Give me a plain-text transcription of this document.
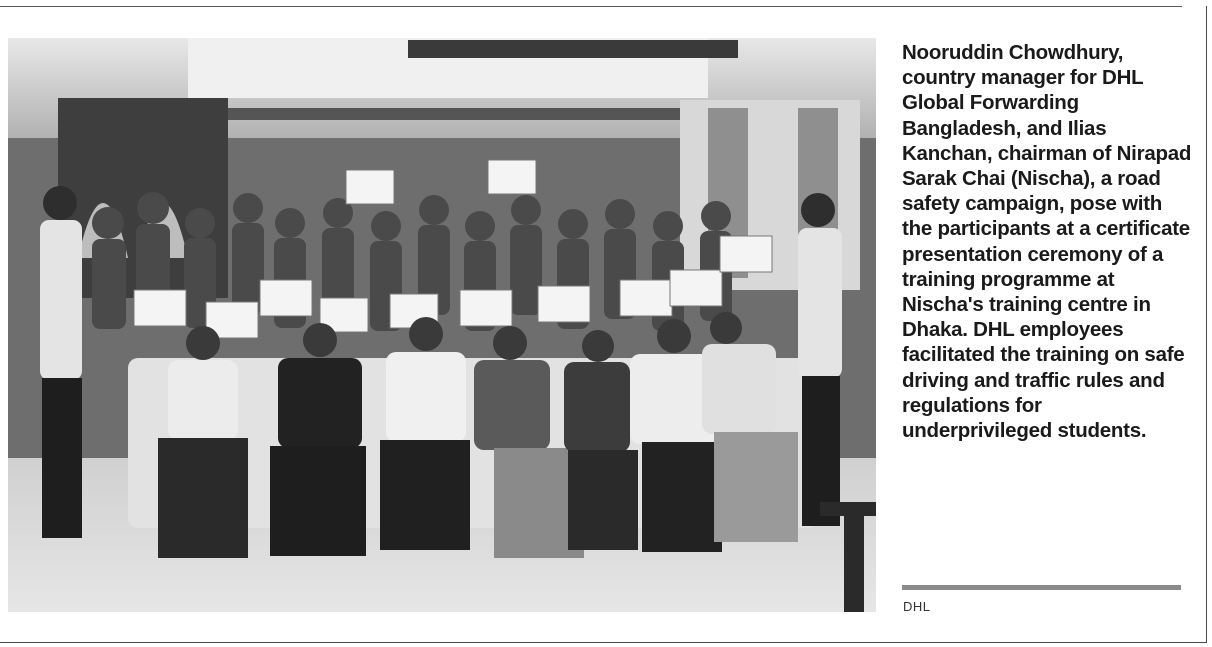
Nooruddin Chowdhury, country manager for DHL Global Forwarding Bangladesh, and Ilias Kanchan, chairman of Nirapad Sarak Chai (Nischa), a road safety campaign, pose with the participants at a certificate presentation ceremony of a training programme at Nischa's training centre in Dhaka. DHL employees facilitated the training on safe driving and traffic rules and regulations for underprivileged students.

DHL
